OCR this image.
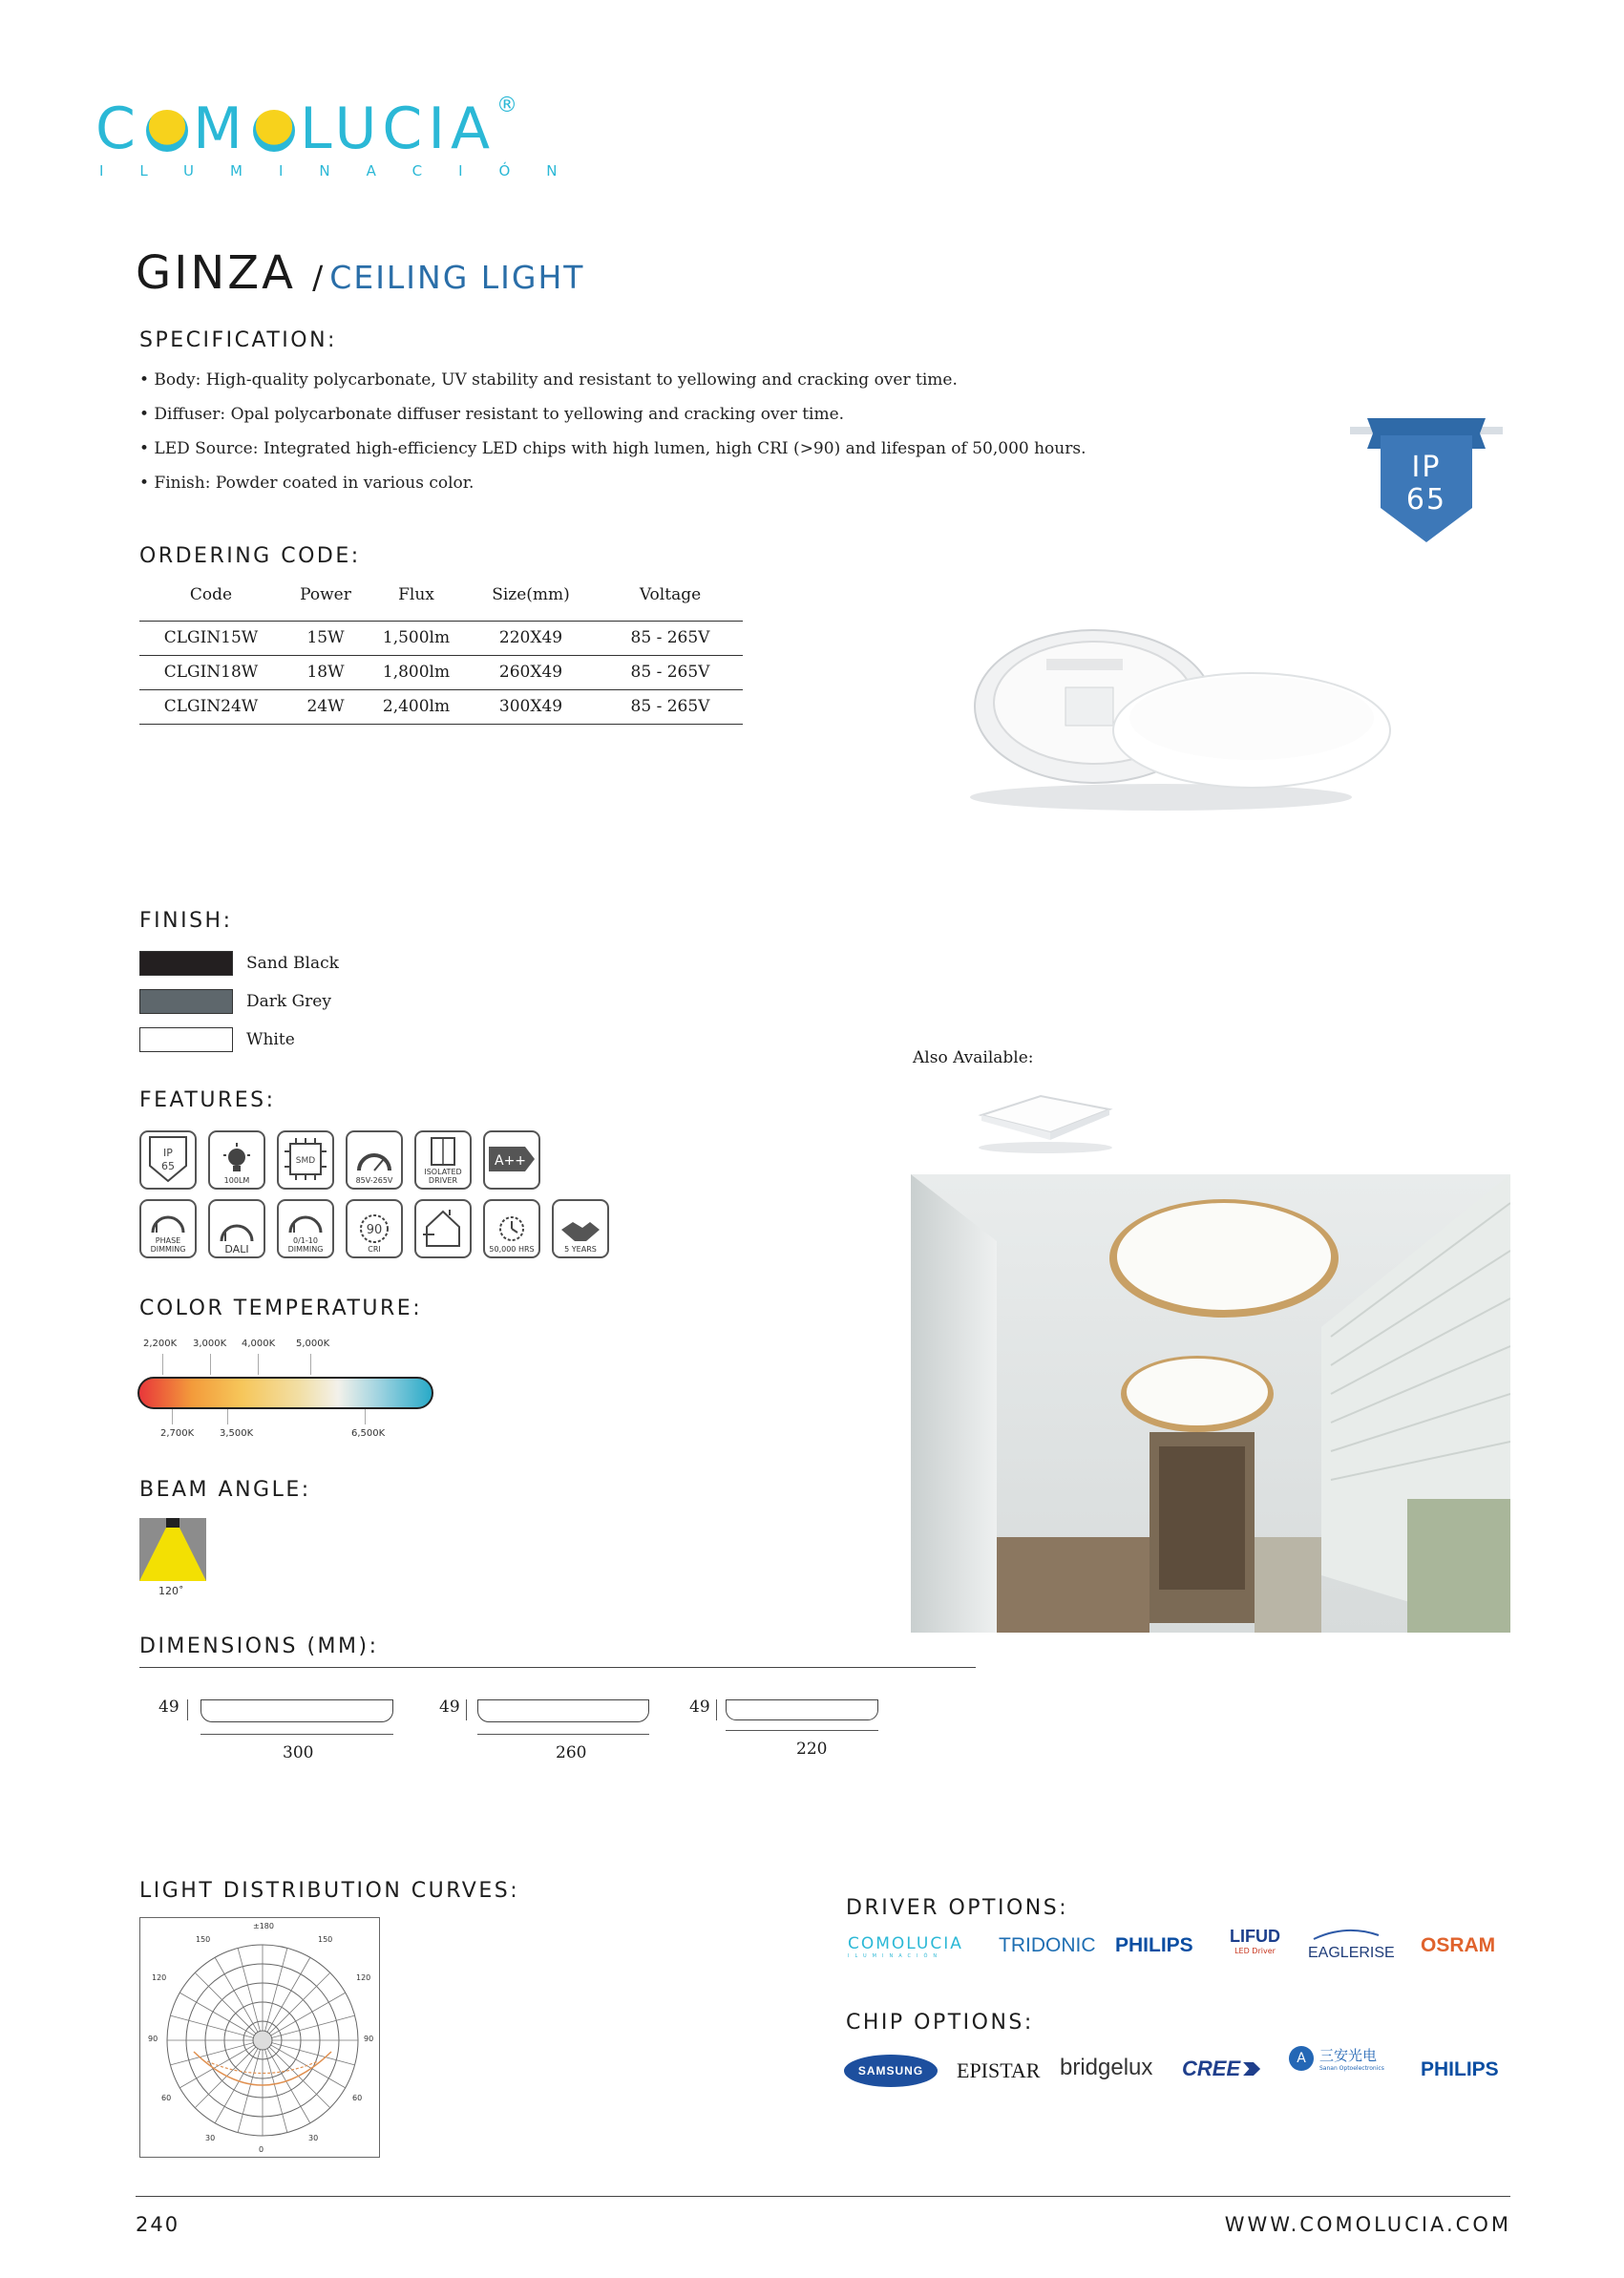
C M LUCIA ®
ILUMINACIÓN
GINZA / CEILING LIGHT
SPECIFICATION:
• Body: High-quality polycarbonate, UV stability and resistant to yellowing and cracking over time.
• Diffuser: Opal polycarbonate diffuser resistant to yellowing and cracking over time.
• LED Source: Integrated high-efficiency LED chips with high lumen, high CRI (>90) and lifespan of 50,000 hours.
• Finish: Powder coated in various color.	IP
65
ORDERING CODE:
Code	Power	Flux	Size(mm)	Voltage
CLGIN15W	15W	1,500lm	220X49	85 - 265V
CLGIN18W	18W	1,800lm	260X49	85 - 265V
CLGIN24W	24W	2,400lm	300X49	85 - 265V
FINISH:
Sand Black
Dark Grey
White
Also Available:
FEATURES:
IP
65
100LM
SMD
85V-265V
ISOLATED DRIVER
A++
PHASE DIMMING	DALI
0/1-10 DIMMING
90
CRI	50,000 HRS	5 YEARS
COLOR TEMPERATURE:
2,200K 3,000K 4,000K 5,000K
2,700K	3,500K	6,500K
BEAM ANGLE:
120˚
DIMENSIONS (MM):
49
300
49
260
49
220
LIGHT DISTRIBUTION CURVES:
±180
150	150
120	120
90	90
60	60
30	30
0
DRIVER OPTIONS:
COMOLUCIA
ILUMINACIÓN	TRIDONIC PHILIPS LIFUD
LED Driver	EAGLERISE OSRAM
CHIP OPTIONS:
SAMSUNG EPISTAR bridgelux CREE	A 三安光电
Sanan Optoelectronics PHILIPS
240	WWW.COMOLUCIA.COM
